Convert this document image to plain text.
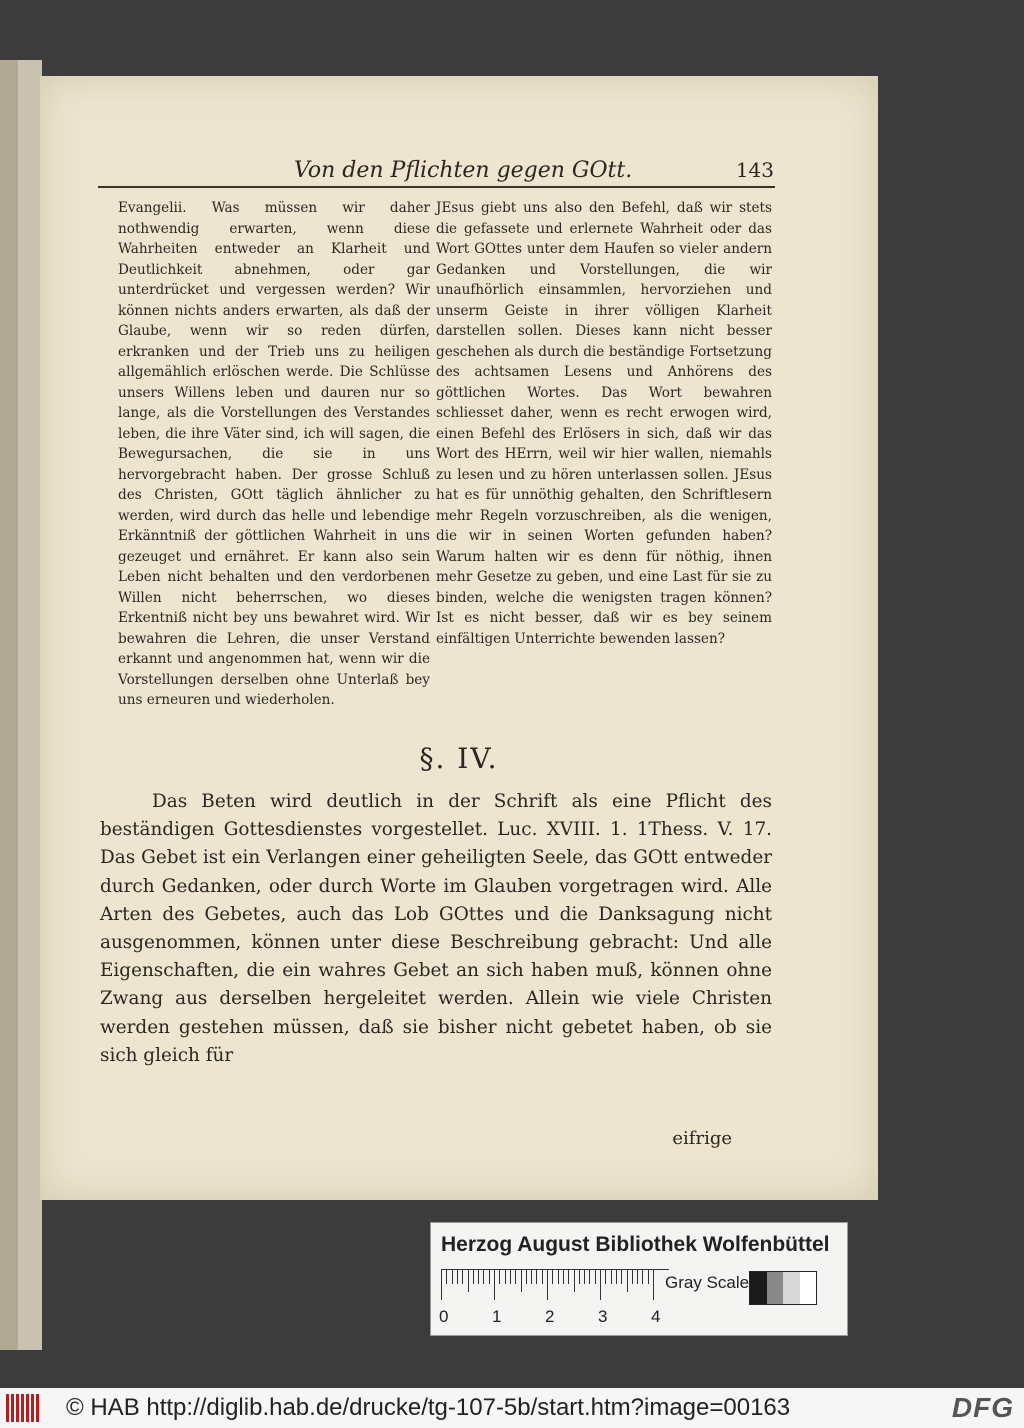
Von den Pflichten gegen GOtt.	143

Evangelii. Was müssen wir daher nothwendig erwarten, wenn diese Wahrheiten entweder an Klarheit und Deutlichkeit abnehmen, oder gar unterdrücket und vergessen werden? Wir können nichts anders erwarten, als daß der Glaube, wenn wir so reden dürfen, erkranken und der Trieb uns zu heiligen allgemählich erlöschen werde. Die Schlüsse unsers Willens leben und dauren nur so lange, als die Vorstellungen des Verstandes leben, die ihre Väter sind, ich will sagen, die Bewegursachen, die sie in uns hervorgebracht haben. Der grosse Schluß des Christen, GOtt täglich ähnlicher zu werden, wird durch das helle und lebendige Erkänntniß der göttlichen Wahrheit in uns gezeuget und ernähret. Er kann also sein Leben nicht behalten und den verdorbenen Willen nicht beherrschen, wo dieses Erkentniß nicht bey uns bewahret wird. Wir bewahren die Lehren, die unser Verstand erkannt und angenommen hat, wenn wir die Vorstellungen derselben ohne Unterlaß bey uns erneuren und wiederholen.

JEsus giebt uns also den Befehl, daß wir stets die gefassete und erlernete Wahrheit oder das Wort GOttes unter dem Haufen so vieler andern Gedanken und Vorstellungen, die wir unaufhörlich einsammlen, hervorziehen und unserm Geiste in ihrer völligen Klarheit darstellen sollen. Dieses kann nicht besser geschehen als durch die beständige Fortsetzung des achtsamen Lesens und Anhörens des göttlichen Wortes. Das Wort bewahren schliesset daher, wenn es recht erwogen wird, einen Befehl des Erlösers in sich, daß wir das Wort des HErrn, weil wir hier wallen, niemahls zu lesen und zu hören unterlassen sollen. JEsus hat es für unnöthig gehalten, den Schriftlesern mehr Regeln vorzuschreiben, als die wenigen, die wir in seinen Worten gefunden haben? Warum halten wir es denn für nöthig, ihnen mehr Gesetze zu geben, und eine Last für sie zu binden, welche die wenigsten tragen können? Ist es nicht besser, daß wir es bey seinem einfältigen Unterrichte bewenden lassen?

§. IV.

Das Beten wird deutlich in der Schrift als eine Pflicht des beständigen Gottesdienstes vorgestellet. Luc. XVIII. 1. 1Thess. V. 17. Das Gebet ist ein Verlangen einer geheiligten Seele, das GOtt entweder durch Gedanken, oder durch Worte im Glauben vorgetragen wird. Alle Arten des Gebetes, auch das Lob GOttes und die Danksagung nicht ausgenommen, können unter diese Beschreibung gebracht: Und alle Eigenschaften, die ein wahres Gebet an sich haben muß, können ohne Zwang aus derselben hergeleitet werden. Allein wie viele Christen werden gestehen müssen, daß sie bisher nicht gebetet haben, ob sie sich gleich für

eifrige
Herzog August Bibliothek Wolfenbüttel
0	1	2	3	4
Gray Scale
© HAB http://diglib.hab.de/drucke/tg-107-5b/start.htm?image=00163	DFG
